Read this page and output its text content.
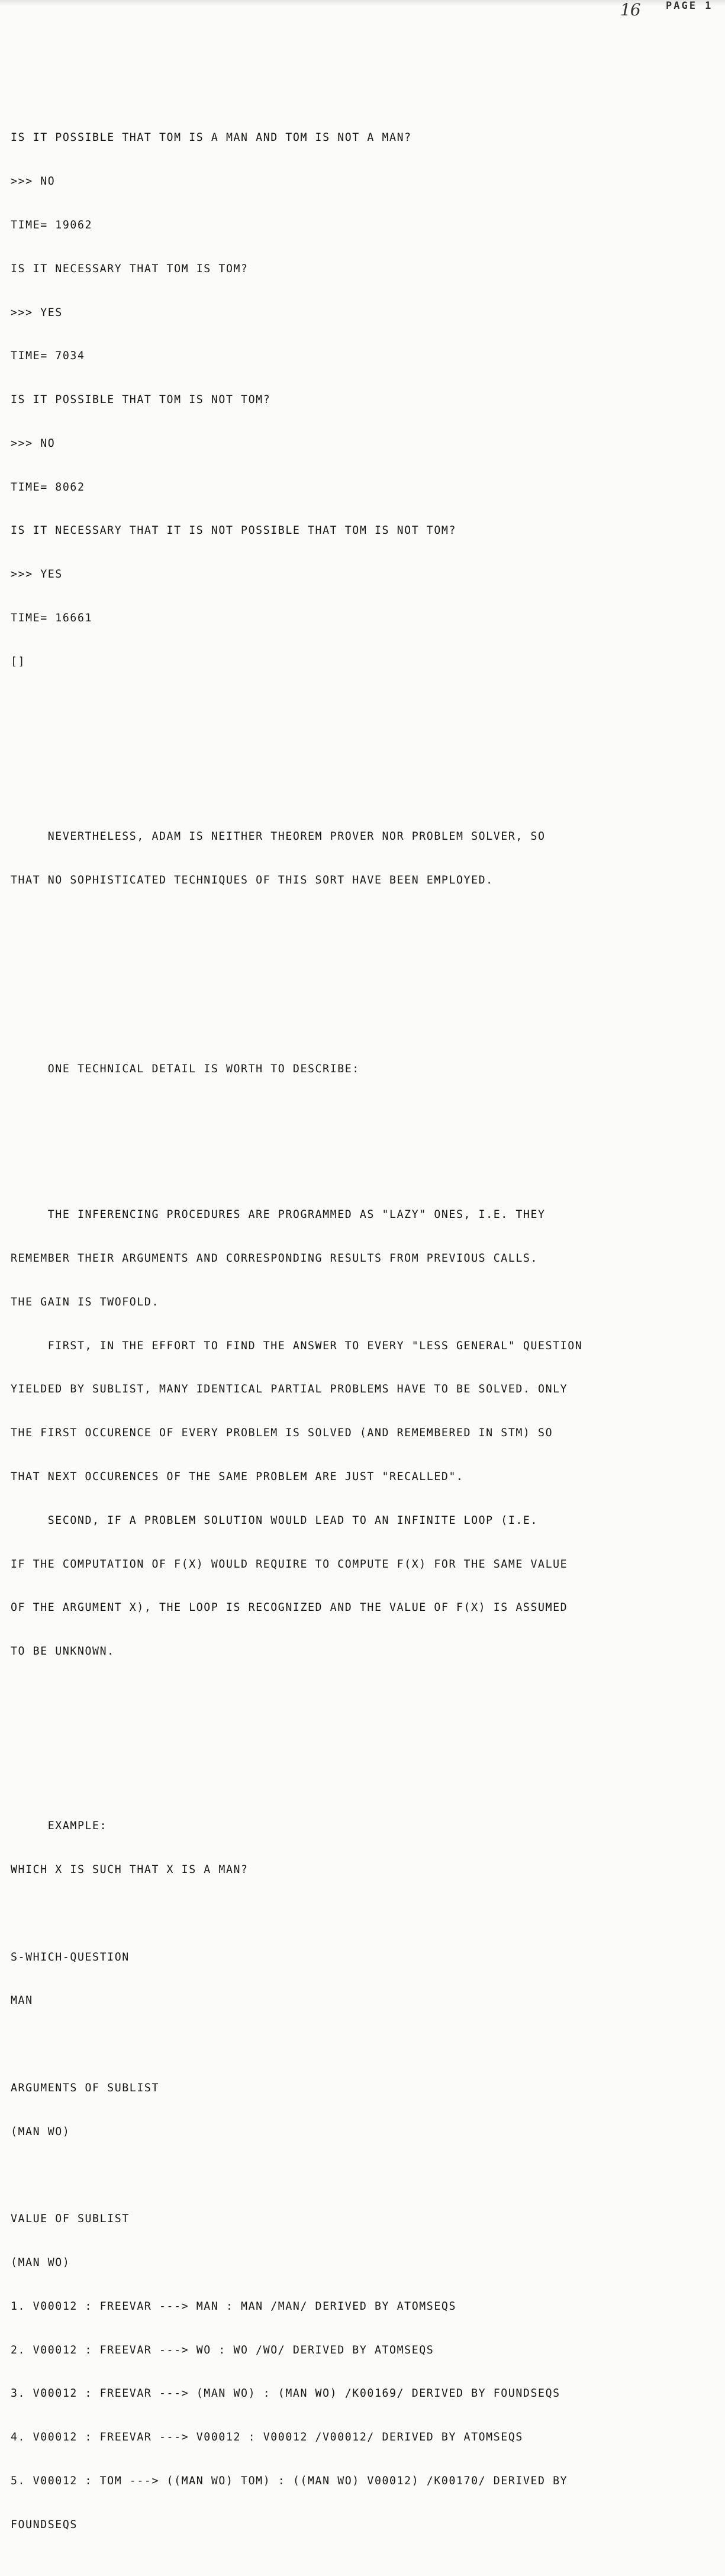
16	PAGE 1

IS IT POSSIBLE THAT TOM IS A MAN AND TOM IS NOT A MAN?

>>> NO

TIME= 19062

IS IT NECESSARY THAT TOM IS TOM?

>>> YES

TIME= 7034

IS IT POSSIBLE THAT TOM IS NOT TOM?

>>> NO

TIME= 8062

IS IT NECESSARY THAT IT IS NOT POSSIBLE THAT TOM IS NOT TOM?

>>> YES

TIME= 16661

[]

NEVERTHELESS, ADAM IS NEITHER THEOREM PROVER NOR PROBLEM SOLVER, SO

THAT NO SOPHISTICATED TECHNIQUES OF THIS SORT HAVE BEEN EMPLOYED.

ONE TECHNICAL DETAIL IS WORTH TO DESCRIBE:

THE INFERENCING PROCEDURES ARE PROGRAMMED AS "LAZY" ONES, I.E. THEY

REMEMBER THEIR ARGUMENTS AND CORRESPONDING RESULTS FROM PREVIOUS CALLS.

THE GAIN IS TWOFOLD.

FIRST, IN THE EFFORT TO FIND THE ANSWER TO EVERY "LESS GENERAL" QUESTION

YIELDED BY SUBLIST, MANY IDENTICAL PARTIAL PROBLEMS HAVE TO BE SOLVED. ONLY

THE FIRST OCCURENCE OF EVERY PROBLEM IS SOLVED (AND REMEMBERED IN STM) SO

THAT NEXT OCCURENCES OF THE SAME PROBLEM ARE JUST "RECALLED".

SECOND, IF A PROBLEM SOLUTION WOULD LEAD TO AN INFINITE LOOP (I.E.

IF THE COMPUTATION OF F(X) WOULD REQUIRE TO COMPUTE F(X) FOR THE SAME VALUE

OF THE ARGUMENT X), THE LOOP IS RECOGNIZED AND THE VALUE OF F(X) IS ASSUMED

TO BE UNKNOWN.

EXAMPLE:

WHICH X IS SUCH THAT X IS A MAN?

S-WHICH-QUESTION

MAN

ARGUMENTS OF SUBLIST

(MAN WO)

VALUE OF SUBLIST

(MAN WO)

1. V00012 : FREEVAR ---> MAN : MAN /MAN/ DERIVED BY ATOMSEQS

2. V00012 : FREEVAR ---> WO : WO /WO/ DERIVED BY ATOMSEQS

3. V00012 : FREEVAR ---> (MAN WO) : (MAN WO) /K00169/ DERIVED BY FOUNDSEQS

4. V00012 : FREEVAR ---> V00012 : V00012 /V00012/ DERIVED BY ATOMSEQS

5. V00012 : TOM ---> ((MAN WO) TOM) : ((MAN WO) V00012) /K00170/ DERIVED BY

FOUNDSEQS
